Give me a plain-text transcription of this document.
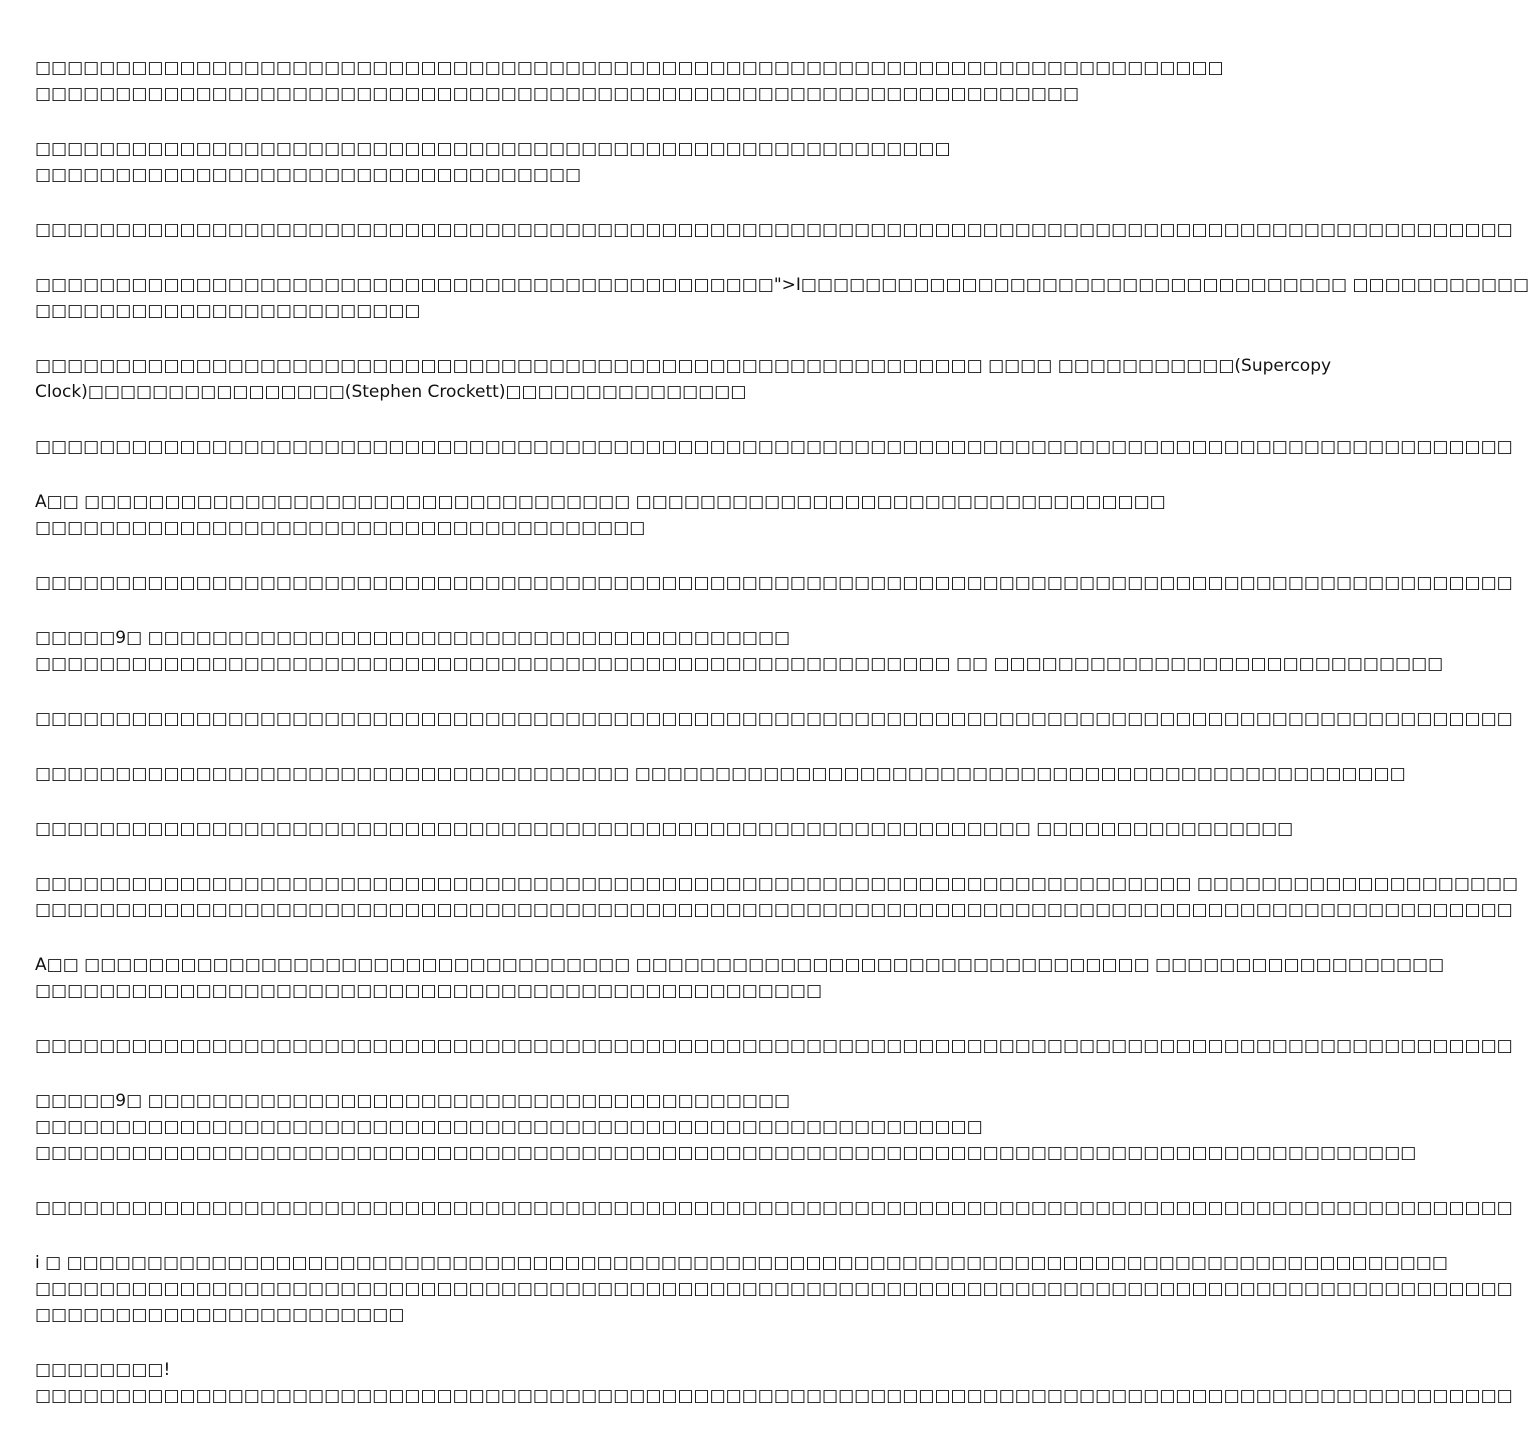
□□□□□□□□□□□□□□□□□□□□□□□□□□□□□□□□□□□□□□□□□□□□□□□□□□□□□□□□□□□□□□□□□□□□□□□□□□
□□□□□□□□□□□□□□□□□□□□□□□□□□□□□□□□□□□□□□□□□□□□□□□□□□□□□□□□□□□□□□□□□

□□□□□□□□□□□□□□□□□□□□□□□□□□□□□□□□□□□□□□□□□□□□□□□□□□□□□□□□□
□□□□□□□□□□□□□□□□□□□□□□□□□□□□□□□□□□

□□□□□□□□□□□□□□□□□□□□□□□□□□□□□□□□□□□□□□□□□□□□□□□□□□□□□□□□□□□□□□□□□□□□□□□□□□□□□□□□□□□□□□□□□□□□

□□□□□□□□□□□□□□□□□□□□□□□□□□□□□□□□□□□□□□□□□□□□□□">I□□□□□□□□□□□□□□□□□□□□□□□□□□□□□□□□□□ □□□□□□□□□□□
□□□□□□□□□□□□□□□□□□□□□□□□

□□□□□□□□□□□□□□□□□□□□□□□□□□□□□□□□□□□□□□□□□□□□□□□□□□□□□□□□□□□ □□□□ □□□□□□□□□□□(Supercopy
Clock)□□□□□□□□□□□□□□□□(Stephen Crockett)□□□□□□□□□□□□□□□

□□□□□□□□□□□□□□□□□□□□□□□□□□□□□□□□□□□□□□□□□□□□□□□□□□□□□□□□□□□□□□□□□□□□□□□□□□□□□□□□□□□□□□□□□□□□

A□□ □□□□□□□□□□□□□□□□□□□□□□□□□□□□□□□□□□ □□□□□□□□□□□□□□□□□□□□□□□□□□□□□□□□□
□□□□□□□□□□□□□□□□□□□□□□□□□□□□□□□□□□□□□□

□□□□□□□□□□□□□□□□□□□□□□□□□□□□□□□□□□□□□□□□□□□□□□□□□□□□□□□□□□□□□□□□□□□□□□□□□□□□□□□□□□□□□□□□□□□□

□□□□□9□ □□□□□□□□□□□□□□□□□□□□□□□□□□□□□□□□□□□□□□□□
□□□□□□□□□□□□□□□□□□□□□□□□□□□□□□□□□□□□□□□□□□□□□□□□□□□□□□□□□ □□ □□□□□□□□□□□□□□□□□□□□□□□□□□□□

□□□□□□□□□□□□□□□□□□□□□□□□□□□□□□□□□□□□□□□□□□□□□□□□□□□□□□□□□□□□□□□□□□□□□□□□□□□□□□□□□□□□□□□□□□□□

□□□□□□□□□□□□□□□□□□□□□□□□□□□□□□□□□□□□□ □□□□□□□□□□□□□□□□□□□□□□□□□□□□□□□□□□□□□□□□□□□□□□□□

□□□□□□□□□□□□□□□□□□□□□□□□□□□□□□□□□□□□□□□□□□□□□□□□□□□□□□□□□□□□□□ □□□□□□□□□□□□□□□□

□□□□□□□□□□□□□□□□□□□□□□□□□□□□□□□□□□□□□□□□□□□□□□□□□□□□□□□□□□□□□□□□□□□□□□□□ □□□□□□□□□□□□□□□□□□□□
□□□□□□□□□□□□□□□□□□□□□□□□□□□□□□□□□□□□□□□□□□□□□□□□□□□□□□□□□□□□□□□□□□□□□□□□□□□□□□□□□□□□□□□□□□□□

A□□ □□□□□□□□□□□□□□□□□□□□□□□□□□□□□□□□□□ □□□□□□□□□□□□□□□□□□□□□□□□□□□□□□□□ □□□□□□□□□□□□□□□□□□
□□□□□□□□□□□□□□□□□□□□□□□□□□□□□□□□□□□□□□□□□□□□□□□□□

□□□□□□□□□□□□□□□□□□□□□□□□□□□□□□□□□□□□□□□□□□□□□□□□□□□□□□□□□□□□□□□□□□□□□□□□□□□□□□□□□□□□□□□□□□□□

□□□□□9□ □□□□□□□□□□□□□□□□□□□□□□□□□□□□□□□□□□□□□□□□
□□□□□□□□□□□□□□□□□□□□□□□□□□□□□□□□□□□□□□□□□□□□□□□□□□□□□□□□□□□
□□□□□□□□□□□□□□□□□□□□□□□□□□□□□□□□□□□□□□□□□□□□□□□□□□□□□□□□□□□□□□□□□□□□□□□□□□□□□□□□□□□□□□

□□□□□□□□□□□□□□□□□□□□□□□□□□□□□□□□□□□□□□□□□□□□□□□□□□□□□□□□□□□□□□□□□□□□□□□□□□□□□□□□□□□□□□□□□□□□

i □ □□□□□□□□□□□□□□□□□□□□□□□□□□□□□□□□□□□□□□□□□□□□□□□□□□□□□□□□□□□□□□□□□□□□□□□□□□□□□□□□□□□□□□
□□□□□□□□□□□□□□□□□□□□□□□□□□□□□□□□□□□□□□□□□□□□□□□□□□□□□□□□□□□□□□□□□□□□□□□□□□□□□□□□□□□□□□□□□□□□
□□□□□□□□□□□□□□□□□□□□□□□

□□□□□□□□!
□□□□□□□□□□□□□□□□□□□□□□□□□□□□□□□□□□□□□□□□□□□□□□□□□□□□□□□□□□□□□□□□□□□□□□□□□□□□□□□□□□□□□□□□□□□□
